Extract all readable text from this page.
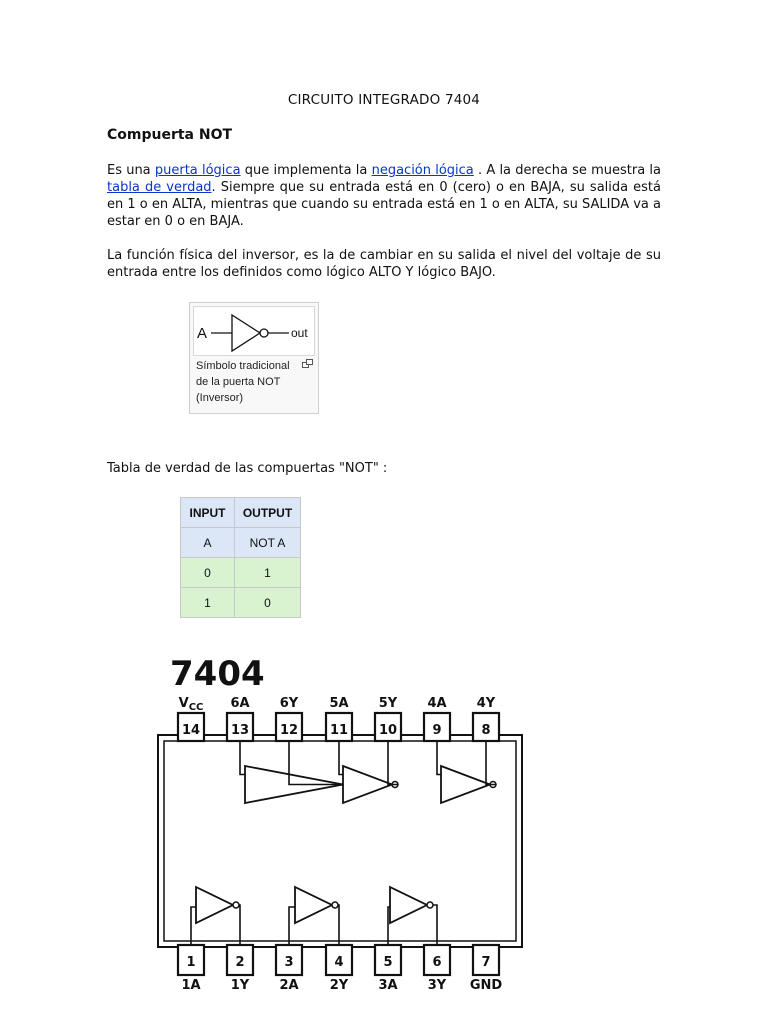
CIRCUITO INTEGRADO 7404
Compuerta NOT
Es una puerta lógica que implementa la negación lógica . A la derecha se muestra la tabla de verdad. Siempre que su entrada está en 0 (cero) o en BAJA, su salida está en 1 o en ALTA, mientras que cuando su entrada está en 1 o en ALTA, su SALIDA va a estar en 0 o en BAJA.
La función física del inversor, es la de cambiar en su salida el nivel del voltaje de su entrada entre los definidos como lógico ALTO Y lógico BAJO.
A	out
Símbolo tradicional
de la puerta NOT
(Inversor)
Tabla de verdad de las compuertas "NOT" :
INPUT	OUTPUT
A	NOT A
0	1
1	0
7404
14
$V_{CC}$
13
6A
12
6Y
11
5A
10
5Y
9
4A
8
4Y
1
1A
2
1Y
3
2A
4
2Y
5
3A
6
3Y
7
GND
